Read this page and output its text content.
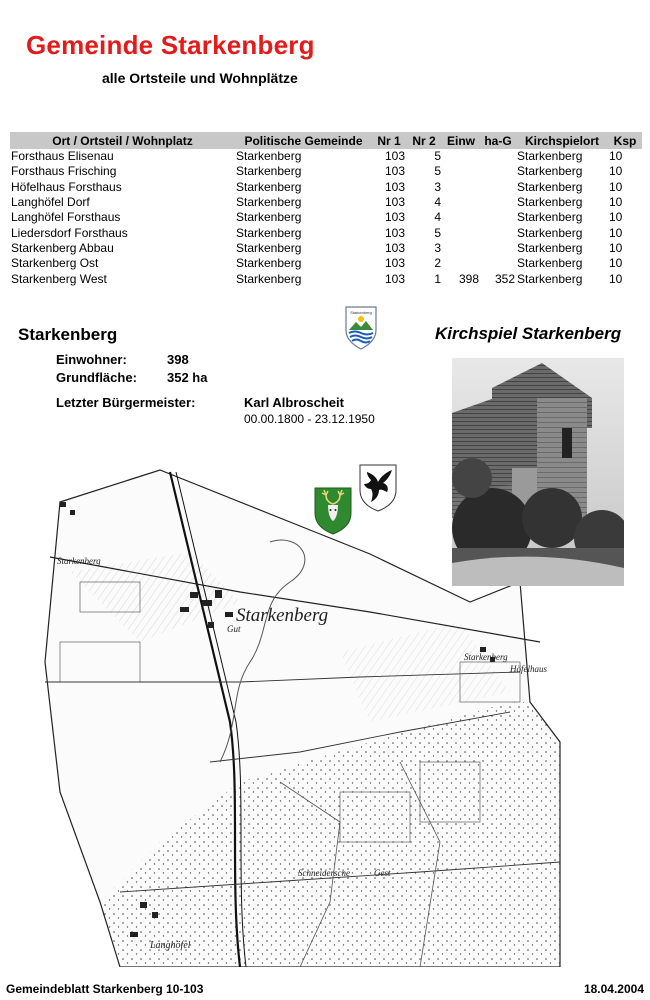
Gemeinde Starkenberg
alle Ortsteile und Wohnplätze
Ort / Ortsteil / Wohnplatz	Politische Gemeinde	Nr 1	Nr 2	Einw	ha-G	Kirchspielort	Ksp
Forsthaus Elisenau	Starkenberg	103	5			Starkenberg	10
Forsthaus Frisching	Starkenberg	103	5			Starkenberg	10
Höfelhaus Forsthaus	Starkenberg	103	3			Starkenberg	10
Langhöfel Dorf	Starkenberg	103	4			Starkenberg	10
Langhöfel Forsthaus	Starkenberg	103	4			Starkenberg	10
Liedersdorf Forsthaus	Starkenberg	103	5			Starkenberg	10
Starkenberg Abbau	Starkenberg	103	3			Starkenberg	10
Starkenberg Ost	Starkenberg	103	2			Starkenberg	10
Starkenberg West	Starkenberg	103	1	398	352	Starkenberg	10
Starkenberg
Starkenberg	Kirchspiel Starkenberg
Einwohner:	398
Grundfläche: 352 ha
Letzter Bürgermeister:	Karl Albroscheit
00.00.1800 - 23.12.1950
Starkenberg
Gut
Starkenberg
Starkenberg
Höfelhaus
Langhöfel
Schneidersche	Gest
Gemeindeblatt Starkenberg 10-103	18.04.2004
